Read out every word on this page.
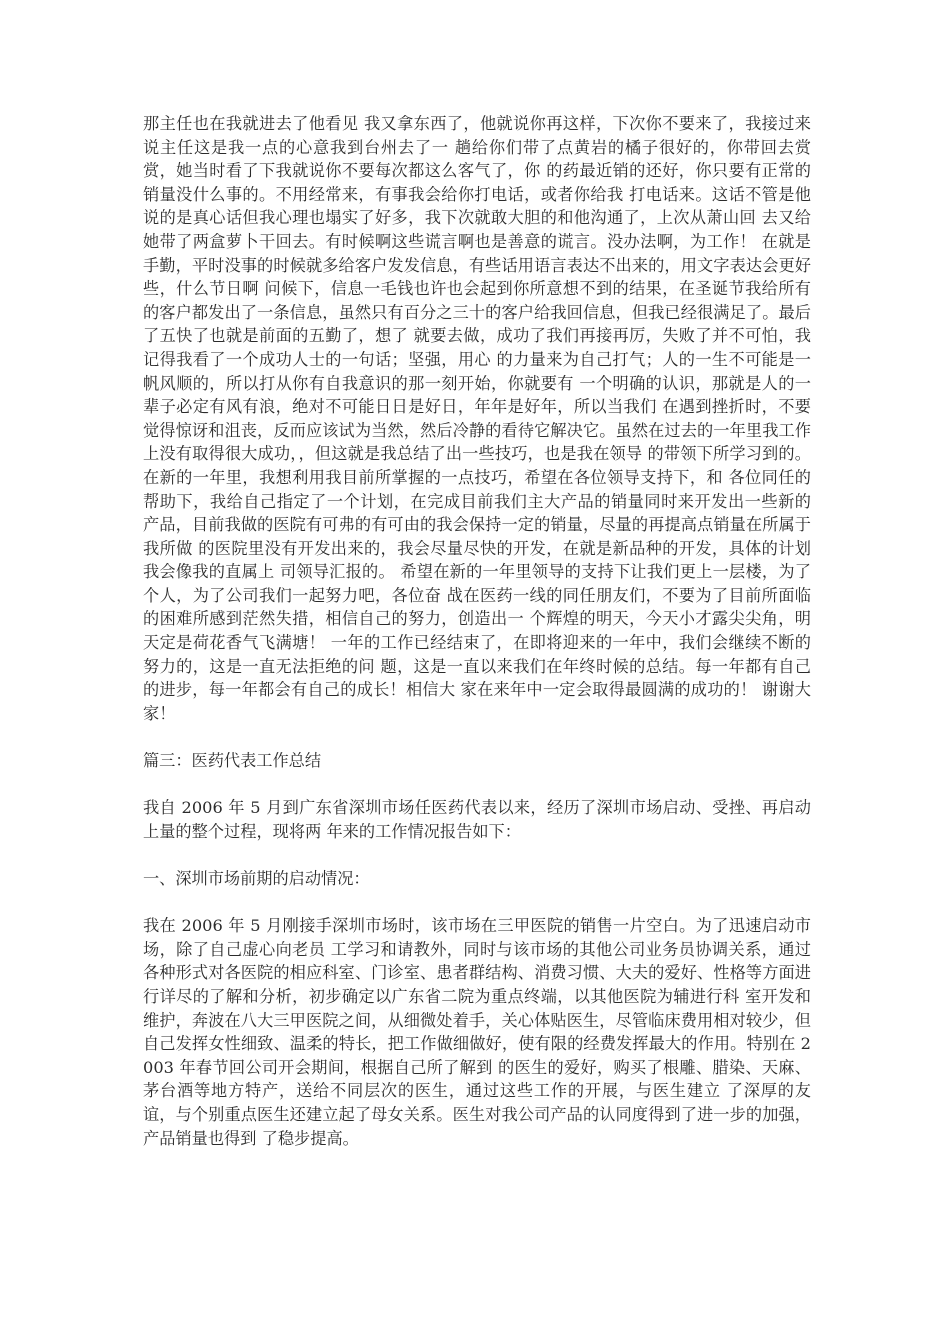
那主任也在我就进去了他看见 我又拿东西了，他就说你再这样，下次你不要来了，我接过来说主任这是我一点的心意我到台州去了一 趟给你们带了点黄岩的橘子很好的，你带回去赏赏，她当时看了下我就说你不要每次都这么客气了，你 的药最近销的还好，你只要有正常的销量没什么事的。不用经常来，有事我会给你打电话，或者你给我 打电话来。这话不管是他说的是真心话但我心理也塌实了好多，我下次就敢大胆的和他沟通了，上次从萧山回 去又给她带了两盒萝卜干回去。有时候啊这些谎言啊也是善意的谎言。没办法啊，为工作！ 在就是手勤，平时没事的时候就多给客户发发信息，有些话用语言表达不出来的，用文字表达会更好些，什么节日啊 问候下，信息一毛钱也许也会起到你所意想不到的结果，在圣诞节我给所有的客户都发出了一条信息，虽然只有百分之三十的客户给我回信息，但我已经很满足了。最后了五快了也就是前面的五勤了，想了 就要去做，成功了我们再接再厉，失败了并不可怕，我记得我看了一个成功人士的一句话；坚强，用心 的力量来为自己打气；人的一生不可能是一帆风顺的，所以打从你有自我意识的那一刻开始，你就要有 一个明确的认识，那就是人的一辈子必定有风有浪，绝对不可能日日是好日，年年是好年，所以当我们 在遇到挫折时，不要觉得惊讶和沮丧，反而应该试为当然，然后冷静的看待它解决它。虽然在过去的一年里我工作上没有取得很大成功，，但这就是我总结了出一些技巧，也是我在领导 的带领下所学习到的。在新的一年里，我想利用我目前所掌握的一点技巧，希望在各位领导支持下，和 各位同任的帮助下，我给自己指定了一个计划，在完成目前我们主大产品的销量同时来开发出一些新的 产品，目前我做的医院有可弗的有可由的我会保持一定的销量，尽量的再提高点销量在所属于我所做 的医院里没有开发出来的，我会尽量尽快的开发，在就是新品种的开发，具体的计划我会像我的直属上 司领导汇报的。 希望在新的一年里领导的支持下让我们更上一层楼，为了个人，为了公司我们一起努力吧，各位奋 战在医药一线的同任朋友们，不要为了目前所面临的困难所感到茫然失措，相信自己的努力，创造出一 个辉煌的明天，今天小才露尖尖角，明天定是荷花香气飞满塘！ 一年的工作已经结束了，在即将迎来的一年中，我们会继续不断的努力的，这是一直无法拒绝的问 题，这是一直以来我们在年终时候的总结。每一年都有自己的进步，每一年都会有自己的成长！相信大 家在来年中一定会取得最圆满的成功的！ 谢谢大家！

篇三：医药代表工作总结

我自 2006 年 5 月到广东省深圳市场任医药代表以来，经历了深圳市场启动、受挫、再启动上量的整个过程，现将两 年来的工作情况报告如下：

一、深圳市场前期的启动情况：

我在 2006 年 5 月刚接手深圳市场时，该市场在三甲医院的销售一片空白。为了迅速启动市场，除了自己虚心向老员 工学习和请教外，同时与该市场的其他公司业务员协调关系，通过各种形式对各医院的相应科室、门诊室、患者群结构、消费习惯、大夫的爱好、性格等方面进行详尽的了解和分析，初步确定以广东省二院为重点终端，以其他医院为辅进行科 室开发和维护，奔波在八大三甲医院之间，从细微处着手，关心体贴医生，尽管临床费用相对较少，但自己发挥女性细致、温柔的特长，把工作做细做好，使有限的经费发挥最大的作用。特别在 2003 年春节回公司开会期间，根据自己所了解到 的医生的爱好，购买了根雕、腊染、天麻、茅台酒等地方特产，送给不同层次的医生，通过这些工作的开展，与医生建立 了深厚的友谊，与个别重点医生还建立起了母女关系。医生对我公司产品的认同度得到了进一步的加强，产品销量也得到 了稳步提高。
